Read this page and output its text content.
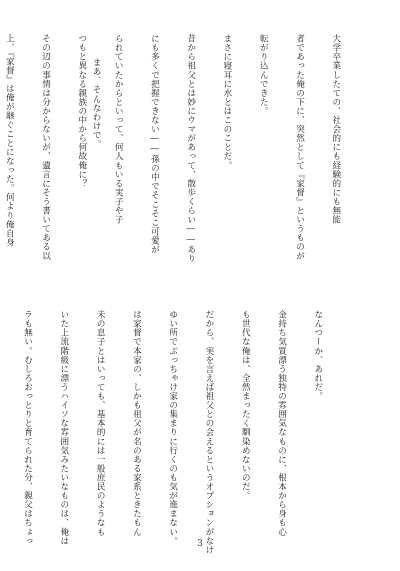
大学卒業したての、社会的にも経験的にも無能

者であった俺の下に、突然として『家督』というものが

転がり込んできた。

まさに寝耳に水とはこのことだ。

昔から祖父とは妙にウマがあって、散歩くらい――あり

にも多くで把握できない――孫の中でそこそこ可愛が

られていたからといって、何人もいる実子や子

つもと異なる親族の中から何故俺に？

その辺の事情は分からないが、遺言にそう書いてある以

上、『家督』は俺が継ぐことになった。何より俺自身

なんつーか、あれだ。

金持ち気質漂う独特の雰囲気なものに、根本から身も心

も世代な俺は、全然まったく馴染めないのだ。

だから、実を言えば祖父との会えるというオプションがなけ

ゆい所でぶっちゃけ家の集まりに行くのも気が進まない。

は家督で本家の、しかも祖父が名のある家系ときたもん

未の息子とはいっても、基本的には一般庶民のようなも

いた上流階級に漂うハイソな雰囲気みたいなものは、俺は

ラも無い。むしろおっとりと育てられた分、親父はちょっ

まあ、そんなわけで。
3
